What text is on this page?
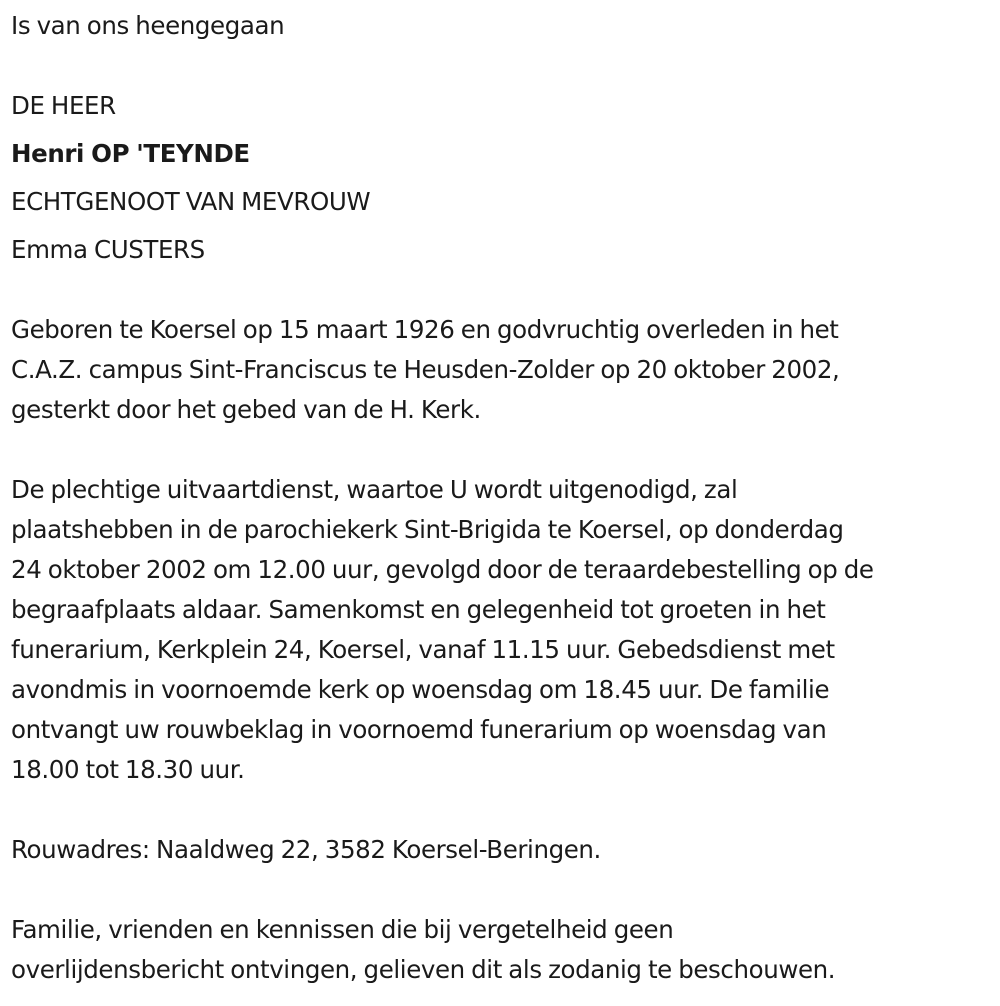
Is van ons heengegaan
DE HEER
Henri OP 'TEYNDE
ECHTGENOOT VAN MEVROUW
Emma CUSTERS
Geboren te Koersel op 15 maart 1926 en godvruchtig overleden in het
C.A.Z. campus Sint-Franciscus te Heusden-Zolder op 20 oktober 2002,
gesterkt door het gebed van de H. Kerk.
De plechtige uitvaartdienst, waartoe U wordt uitgenodigd, zal
plaatshebben in de parochiekerk Sint-Brigida te Koersel, op donderdag
24 oktober 2002 om 12.00 uur, gevolgd door de teraardebestelling op de
begraafplaats aldaar. Samenkomst en gelegenheid tot groeten in het
funerarium, Kerkplein 24, Koersel, vanaf 11.15 uur. Gebedsdienst met
avondmis in voornoemde kerk op woensdag om 18.45 uur. De familie
ontvangt uw rouwbeklag in voornoemd funerarium op woensdag van
18.00 tot 18.30 uur.
Rouwadres: Naaldweg 22, 3582 Koersel-Beringen.
Familie, vrienden en kennissen die bij vergetelheid geen
overlijdensbericht ontvingen, gelieven dit als zodanig te beschouwen.
